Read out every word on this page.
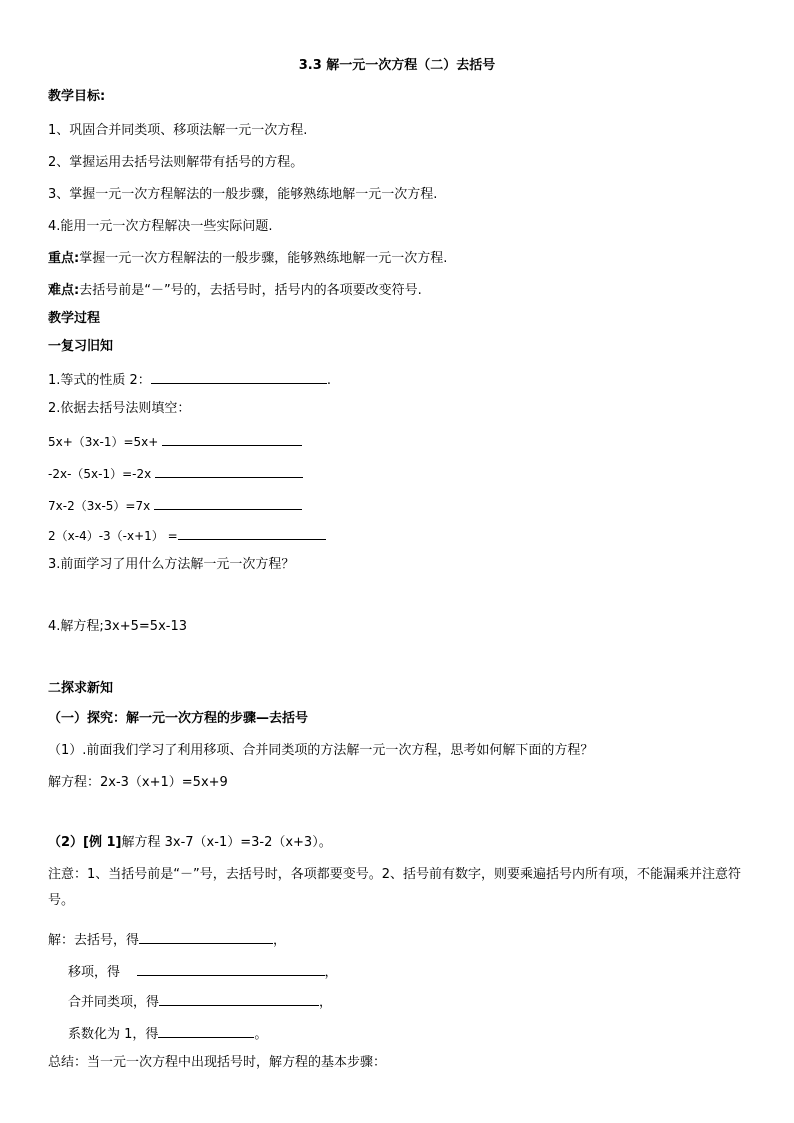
3.3 解一元一次方程（二）去括号
教学目标:
1、巩固合并同类项、移项法解一元一次方程.
2、掌握运用去括号法则解带有括号的方程。
3、掌握一元一次方程解法的一般步骤，能够熟练地解一元一次方程.
4.能用一元一次方程解决一些实际问题.
重点:掌握一元一次方程解法的一般步骤，能够熟练地解一元一次方程.
难点:去括号前是“－”号的，去括号时，括号内的各项要改变符号.
教学过程
一复习旧知
1.等式的性质 2：	.
2.依据去括号法则填空：
5x+（3x-1）=5x+
-2x-（5x-1）=-2x
7x-2（3x-5）=7x
2（x-4）-3（-x+1） =
3.前面学习了用什么方法解一元一次方程？
4.解方程;3x+5=5x-13
二探求新知
（一）探究：解一元一次方程的步骤—去括号
（1）.前面我们学习了利用移项、合并同类项的方法解一元一次方程，思考如何解下面的方程？
解方程：2x-3（x+1）=5x+9
（2）[例 1]解方程 3x-7（x-1）=3-2（x+3）。
注意：1、当括号前是“－”号，去括号时，各项都要变号。2、括号前有数字，则要乘遍括号内所有项，不能漏乘并注意符号。
解：去括号，得	，
移项，得	，
合并同类项，得	，
系数化为 1，得	。
总结：当一元一次方程中出现括号时，解方程的基本步骤：
